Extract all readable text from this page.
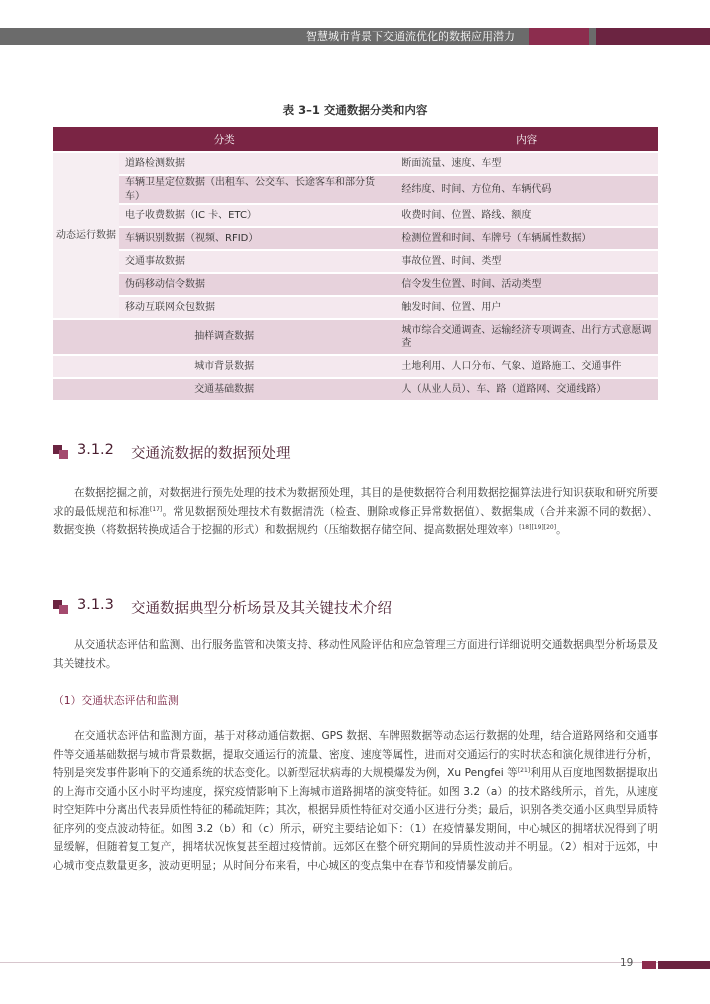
智慧城市背景下交通流优化的数据应用潜力
表 3–1 交通数据分类和内容
分类		内容
动态运行数据	道路检测数据	断面流量、速度、车型
	车辆卫星定位数据（出租车、公交车、长途客车和部分货车）	经纬度、时间、方位角、车辆代码
	电子收费数据（IC 卡、ETC）	收费时间、位置、路线、额度
	车辆识别数据（视频、RFID）	检测位置和时间、车牌号（车辆属性数据）
	交通事故数据	事故位置、时间、类型
	伪码移动信令数据	信令发生位置、时间、活动类型
	移动互联网众包数据	触发时间、位置、用户
抽样调查数据		城市综合交通调查、运输经济专项调查、出行方式意愿调查
城市背景数据		土地利用、人口分布、气象、道路施工、交通事件
交通基础数据		人（从业人员）、车、路（道路网、交通线路）
3.1.2 交通流数据的数据预处理
在数据挖掘之前，对数据进行预先处理的技术为数据预处理，其目的是使数据符合利用数据挖掘算法进行知识获取和研究所要求的最低规范和标准[17]。常见数据预处理技术有数据清洗（检查、删除或修正异常数据值）、数据集成（合并来源不同的数据）、数据变换（将数据转换成适合于挖掘的形式）和数据规约（压缩数据存储空间、提高数据处理效率）[18][19][20]。
3.1.3 交通数据典型分析场景及其关键技术介绍
从交通状态评估和监测、出行服务监管和决策支持、移动性风险评估和应急管理三方面进行详细说明交通数据典型分析场景及其关键技术。
（1）交通状态评估和监测
在交通状态评估和监测方面，基于对移动通信数据、GPS 数据、车牌照数据等动态运行数据的处理，结合道路网络和交通事件等交通基础数据与城市背景数据，提取交通运行的流量、密度、速度等属性，进而对交通运行的实时状态和演化规律进行分析，特别是突发事件影响下的交通系统的状态变化。以新型冠状病毒的大规模爆发为例，Xu Pengfei 等[21]利用从百度地图数据提取出的上海市交通小区小时平均速度，探究疫情影响下上海城市道路拥堵的演变特征。如图 3.2（a）的技术路线所示，首先，从速度时空矩阵中分离出代表异质性特征的稀疏矩阵；其次，根据异质性特征对交通小区进行分类；最后，识别各类交通小区典型异质特征序列的变点波动特征。如图 3.2（b）和（c）所示，研究主要结论如下：（1）在疫情暴发期间，中心城区的拥堵状况得到了明显缓解，但随着复工复产，拥堵状况恢复甚至超过疫情前。远郊区在整个研究期间的异质性波动并不明显。（2）相对于远郊，中心城市变点数量更多，波动更明显；从时间分布来看，中心城区的变点集中在春节和疫情暴发前后。
19
